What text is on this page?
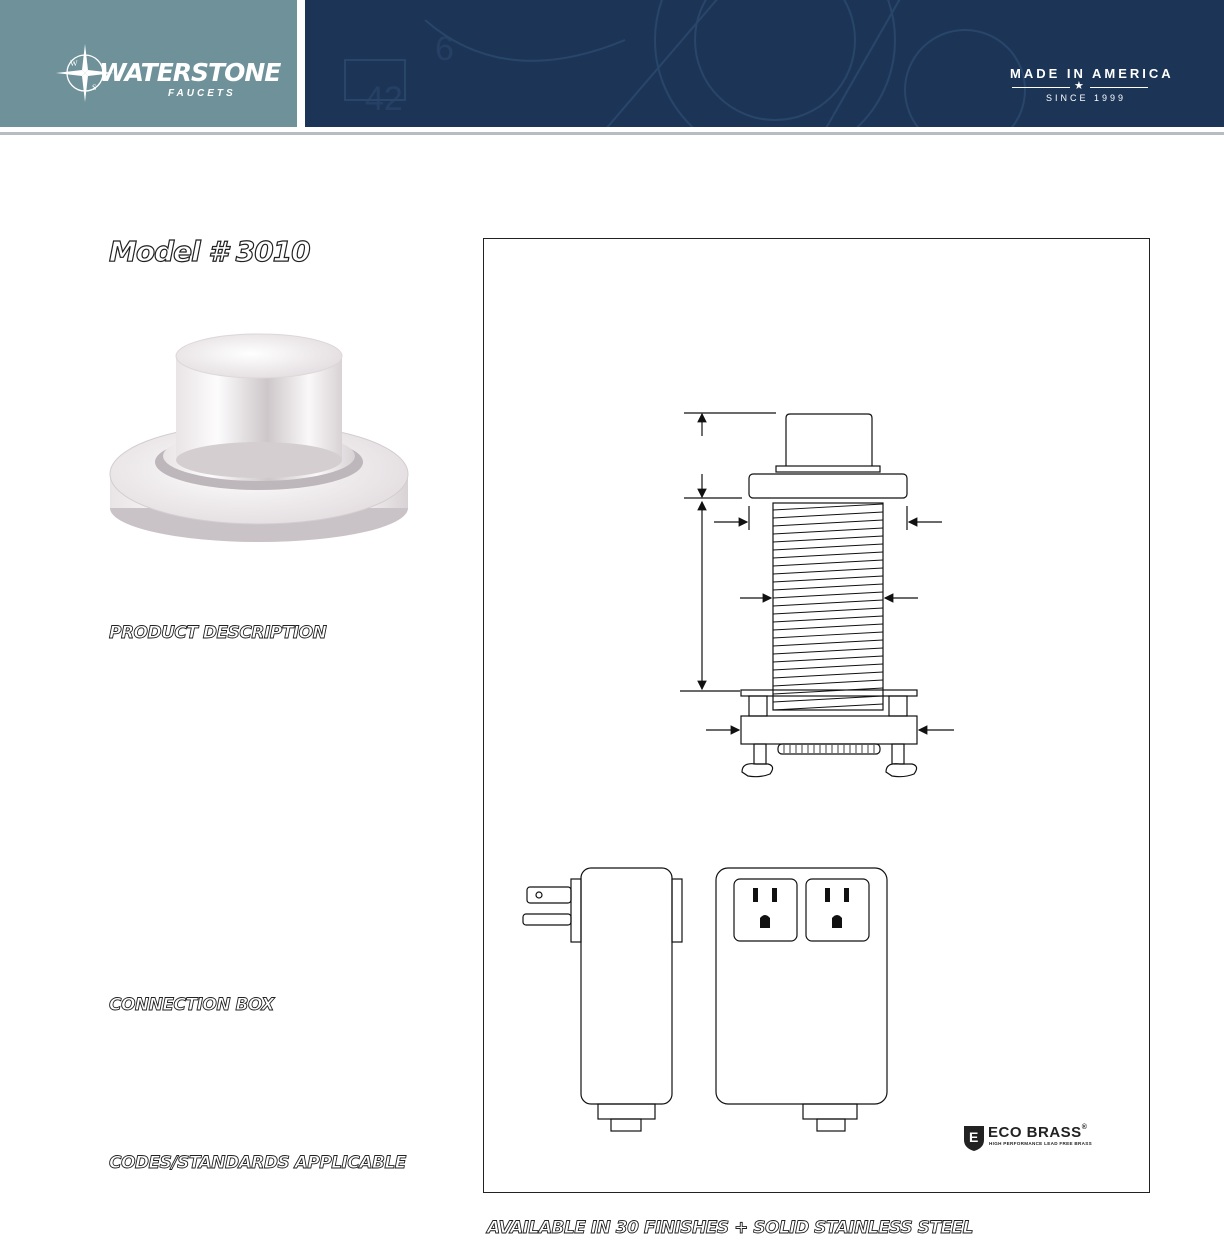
42
6
W
S
WATERSTONE
FAUCETS
MADE IN AMERICA
★
SINCE 1999
Model # 3010
PRODUCT DESCRIPTION
CONNECTION BOX
CODES/STANDARDS APPLICABLE
E ECO BRASS®
HIGH PERFORMANCE LEAD FREE BRASS
AVAILABLE IN 30 FINISHES + SOLID STAINLESS STEEL
